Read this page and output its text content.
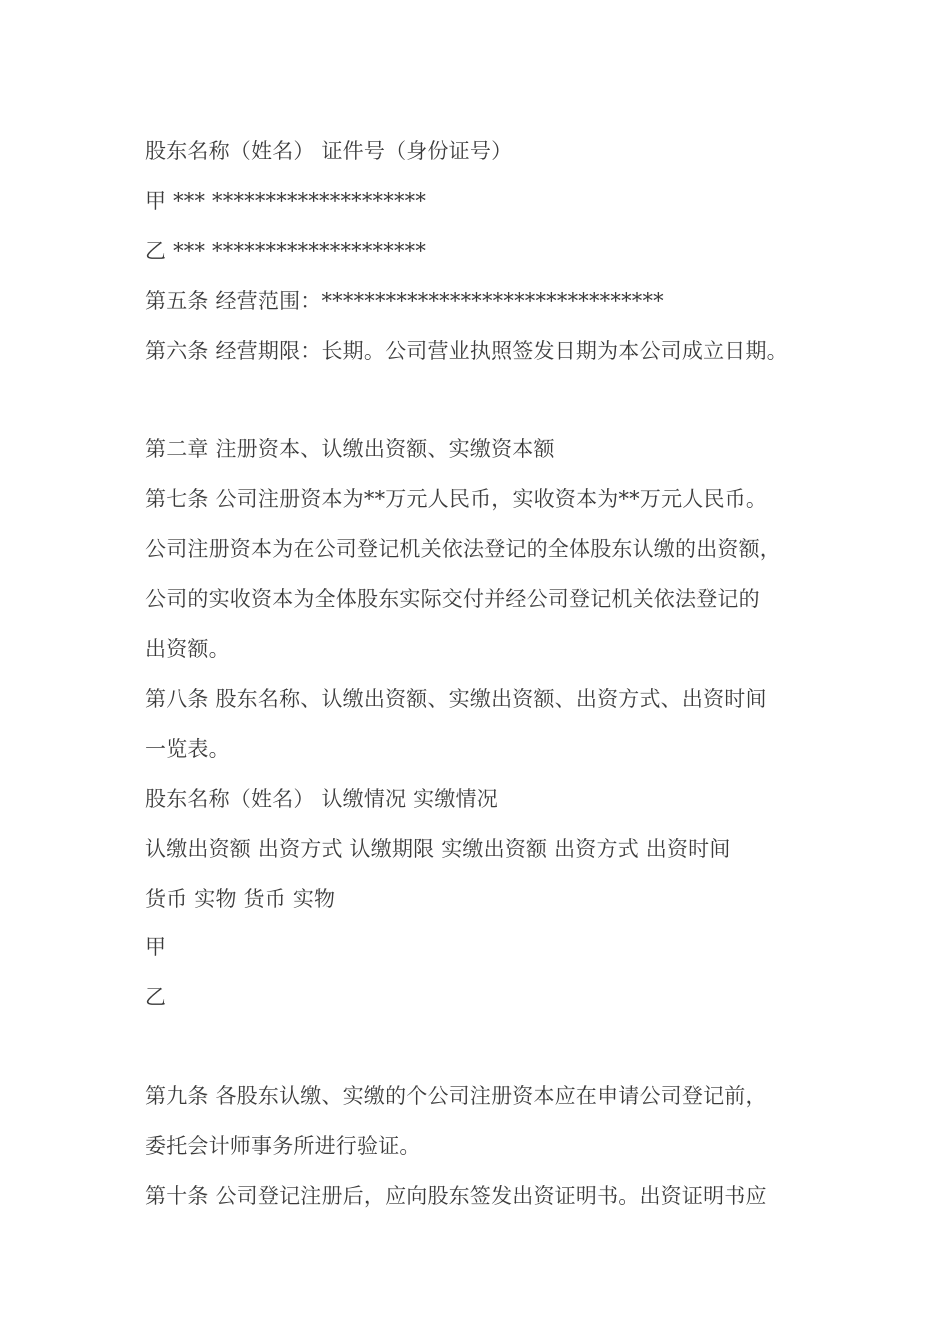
股东名称（姓名） 证件号（身份证号）
甲 *** ********************
乙 *** ********************
第五条 经营范围：********************************
第六条 经营期限：长期。公司营业执照签发日期为本公司成立日期。
第二章 注册资本、认缴出资额、实缴资本额
第七条 公司注册资本为**万元人民币，实收资本为**万元人民币。
公司注册资本为在公司登记机关依法登记的全体股东认缴的出资额，
公司的实收资本为全体股东实际交付并经公司登记机关依法登记的
出资额。
第八条 股东名称、认缴出资额、实缴出资额、出资方式、出资时间
一览表。
股东名称（姓名） 认缴情况 实缴情况
认缴出资额 出资方式 认缴期限 实缴出资额 出资方式 出资时间
货币 实物 货币 实物
甲
乙
第九条 各股东认缴、实缴的个公司注册资本应在申请公司登记前，
委托会计师事务所进行验证。
第十条 公司登记注册后，应向股东签发出资证明书。出资证明书应
